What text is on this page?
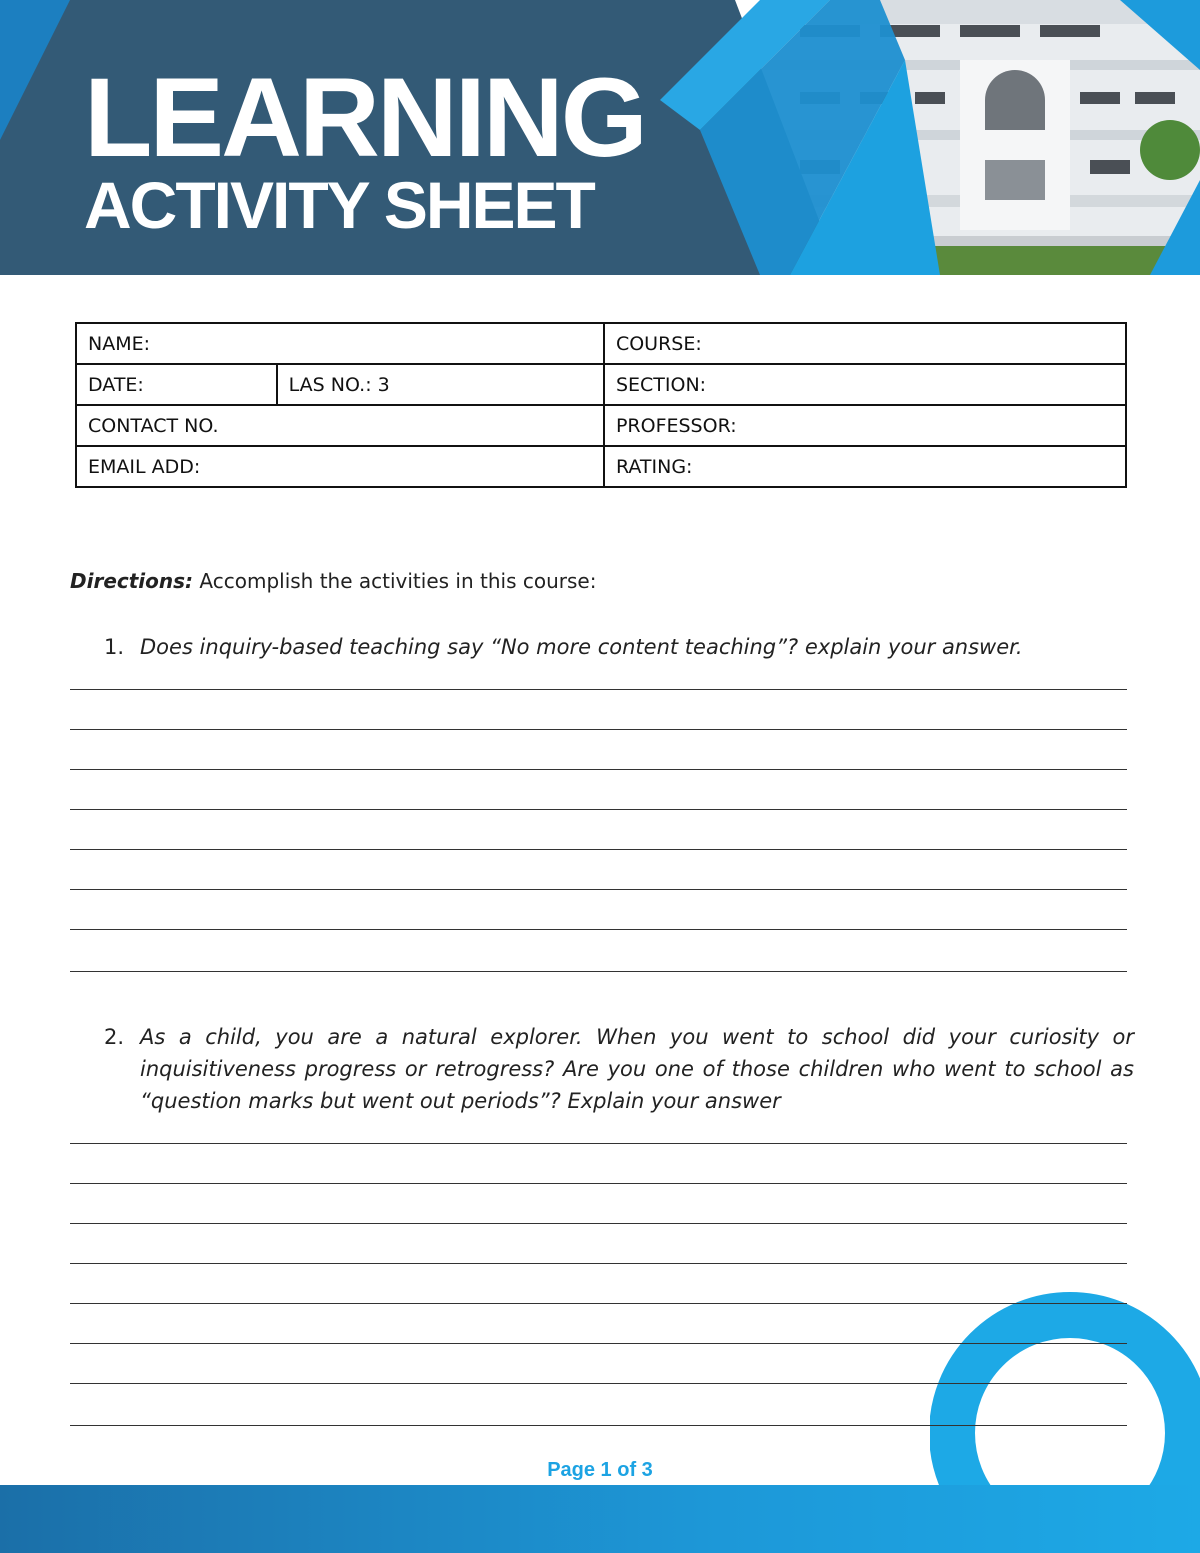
LEARNING
ACTIVITY SHEET
NAME:		COURSE:
DATE:	LAS NO.: 3	SECTION:
CONTACT NO.		PROFESSOR:
EMAIL ADD:		RATING:
Directions: Accomplish the activities in this course:
1. Does inquiry-based teaching say “No more content teaching”? explain your answer.
2. As a child, you are a natural explorer. When you went to school did your curiosity or inquisitiveness progress or retrogress? Are you one of those children who went to school as “question marks but went out periods”? Explain your answer
Page 1 of 3
